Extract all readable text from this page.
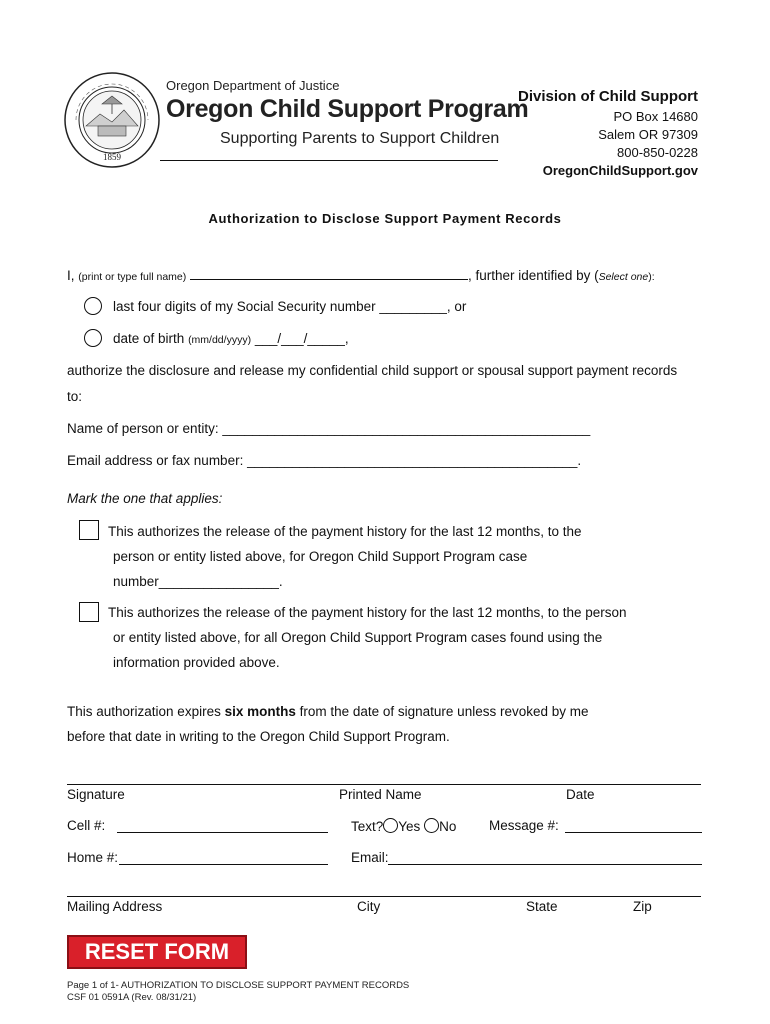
1859
Oregon Department of Justice
Oregon Child Support Program
Supporting Parents to Support Children
Division of Child Support
PO Box 14680
Salem OR 97309
800-850-0228
OregonChildSupport.gov
Authorization to Disclose Support Payment Records
I, (print or type full name)	, further identified by (Select one):
last four digits of my Social Security number _________, or
date of birth (mm/dd/yyyy) ___/___/_____,
authorize the disclosure and release my confidential child support or spousal support payment records
to:
Name of person or entity: _________________________________________________
Email address or fax number: ____________________________________________.
Mark the one that applies:
This authorizes the release of the payment history for the last 12 months, to the
person or entity listed above, for Oregon Child Support Program case
number________________.
This authorizes the release of the payment history for the last 12 months, to the person
or entity listed above, for all Oregon Child Support Program cases found using the
information provided above.
This authorization expires six months from the date of signature unless revoked by me
before that date in writing to the Oregon Child Support Program.
Signature	Printed Name	Date
Cell #:	Text? Yes No Message #:
Home #:	Email:
Mailing Address	City	State	Zip
RESET FORM
Page 1 of 1- AUTHORIZATION TO DISCLOSE SUPPORT PAYMENT RECORDS
CSF 01 0591A (Rev. 08/31/21)
